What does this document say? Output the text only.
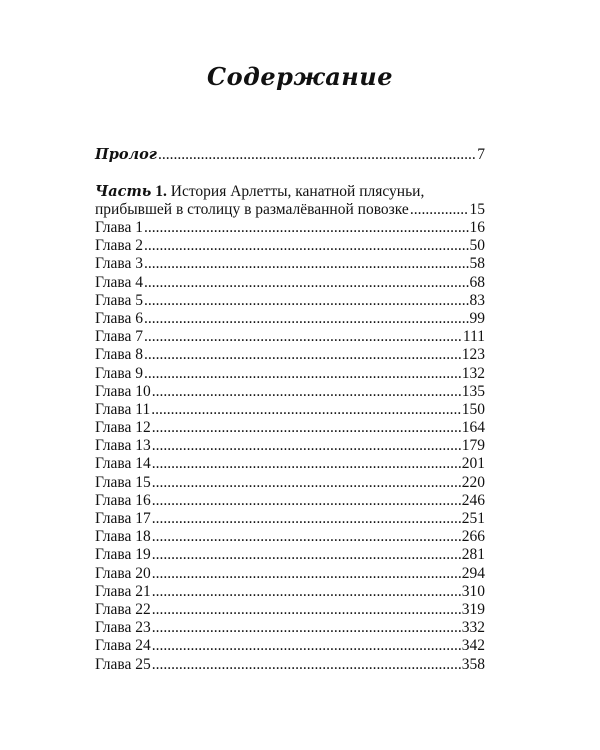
Содержание
Пролог .....	7
Часть 1. История Арлетты, канатной плясуньи,
прибывшей в столицу в размалёванной повозке .....	15
Глава 1 .....	16
Глава 2 .....	50
Глава 3 .....	58
Глава 4 .....	68
Глава 5 .....	83
Глава 6 .....	99
Глава 7 .....	111
Глава 8 .....	123
Глава 9 .....	132
Глава 10 .....	135
Глава 11 .....	150
Глава 12 .....	164
Глава 13 .....	179
Глава 14 .....	201
Глава 15 .....	220
Глава 16 .....	246
Глава 17 .....	251
Глава 18 .....	266
Глава 19 .....	281
Глава 20 .....	294
Глава 21 .....	310
Глава 22 .....	319
Глава 23 .....	332
Глава 24 .....	342
Глава 25 .....	358
